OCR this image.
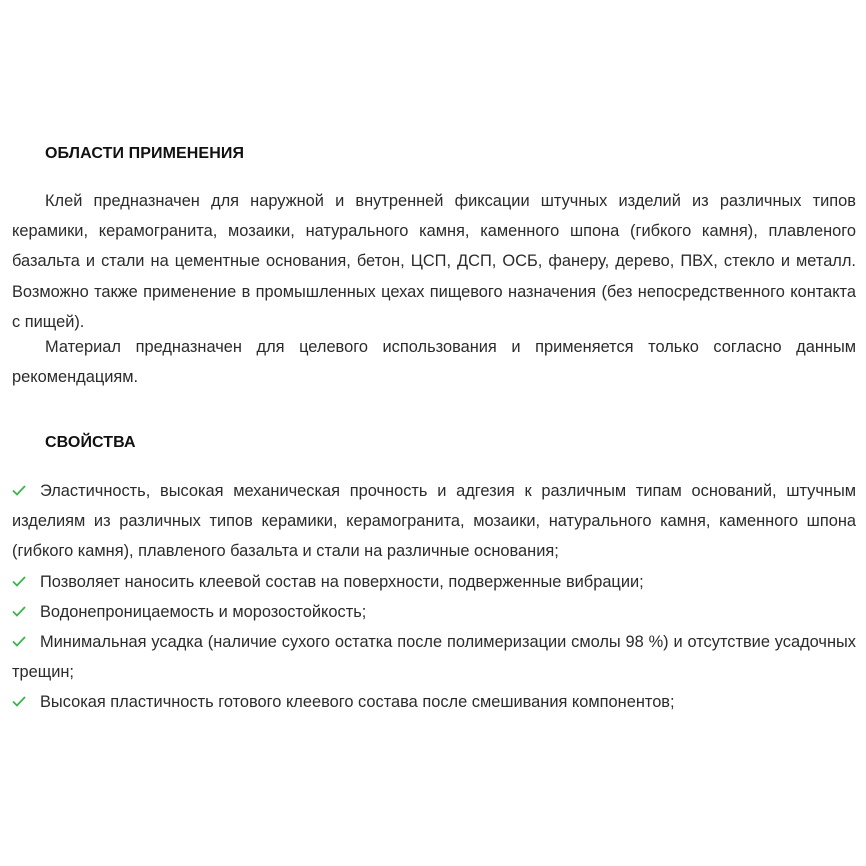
ОБЛАСТИ ПРИМЕНЕНИЯ

Клей предназначен для наружной и внутренней фиксации штучных изделий из различных типов керамики, керамогранита, мозаики, натурального камня, каменного шпона (гибкого камня), плавленого базальта и стали на цементные основания, бетон, ЦСП, ДСП, ОСБ, фанеру, дерево, ПВХ, стекло и металл. Возможно также применение в промышленных цехах пищевого назначения (без непосредственного контакта с пищей).

Материал предназначен для целевого использования и применяется только согласно данным рекомендациям.

СВОЙСТВА
Эластичность, высокая механическая прочность и адгезия к различным типам оснований, штучным изделиям из различных типов керамики, керамогранита, мозаики, натурального камня, каменного шпона (гибкого камня), плавленого базальта и стали на различные основания;
Позволяет наносить клеевой состав на поверхности, подверженные вибрации;
Водонепроницаемость и морозостойкость;
Минимальная усадка (наличие сухого остатка после полимеризации смолы 98 %) и отсутствие усадочных трещин;
Высокая пластичность готового клеевого состава после смешивания компонентов;
